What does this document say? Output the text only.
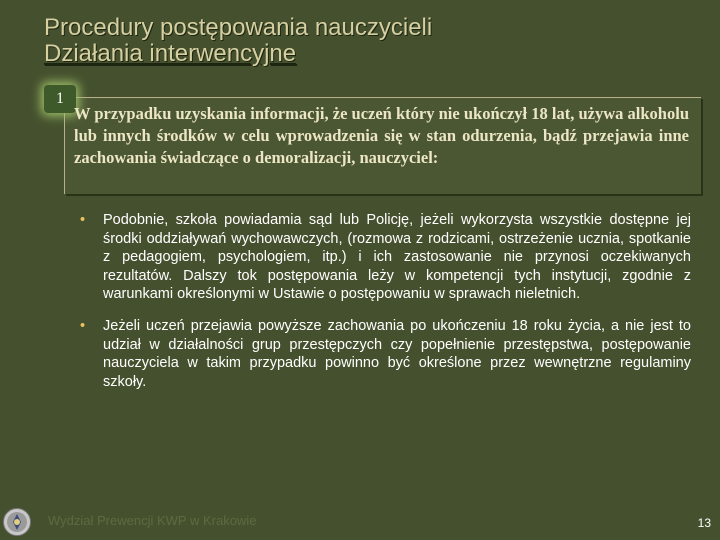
Procedury postępowania nauczycieli
Działania interwencyjne
1
W przypadku uzyskania informacji, że uczeń który nie ukończył 18 lat, używa alkoholu lub innych środków w celu wprowadzenia się w stan odurzenia, bądź przejawia inne zachowania świadczące o demoralizacji, nauczyciel:
• Podobnie, szkoła powiadamia sąd lub Policję, jeżeli wykorzysta wszystkie dostępne jej środki oddziaływań wychowawczych, (rozmowa z rodzicami, ostrzeżenie ucznia, spotkanie z pedagogiem, psychologiem, itp.) i ich zastosowanie nie przynosi oczekiwanych rezultatów. Dalszy tok postępowania leży w kompetencji tych instytucji, zgodnie z warunkami określonymi w Ustawie o postępowaniu w sprawach nieletnich.
• Jeżeli uczeń przejawia powyższe zachowania po ukończeniu 18 roku życia, a nie jest to udział w działalności grup przestępczych czy popełnienie przestępstwa, postępowanie nauczyciela w takim przypadku powinno być określone przez wewnętrzne regulaminy szkoły.
Wydział Prewencji KWP w Krakowie	13
